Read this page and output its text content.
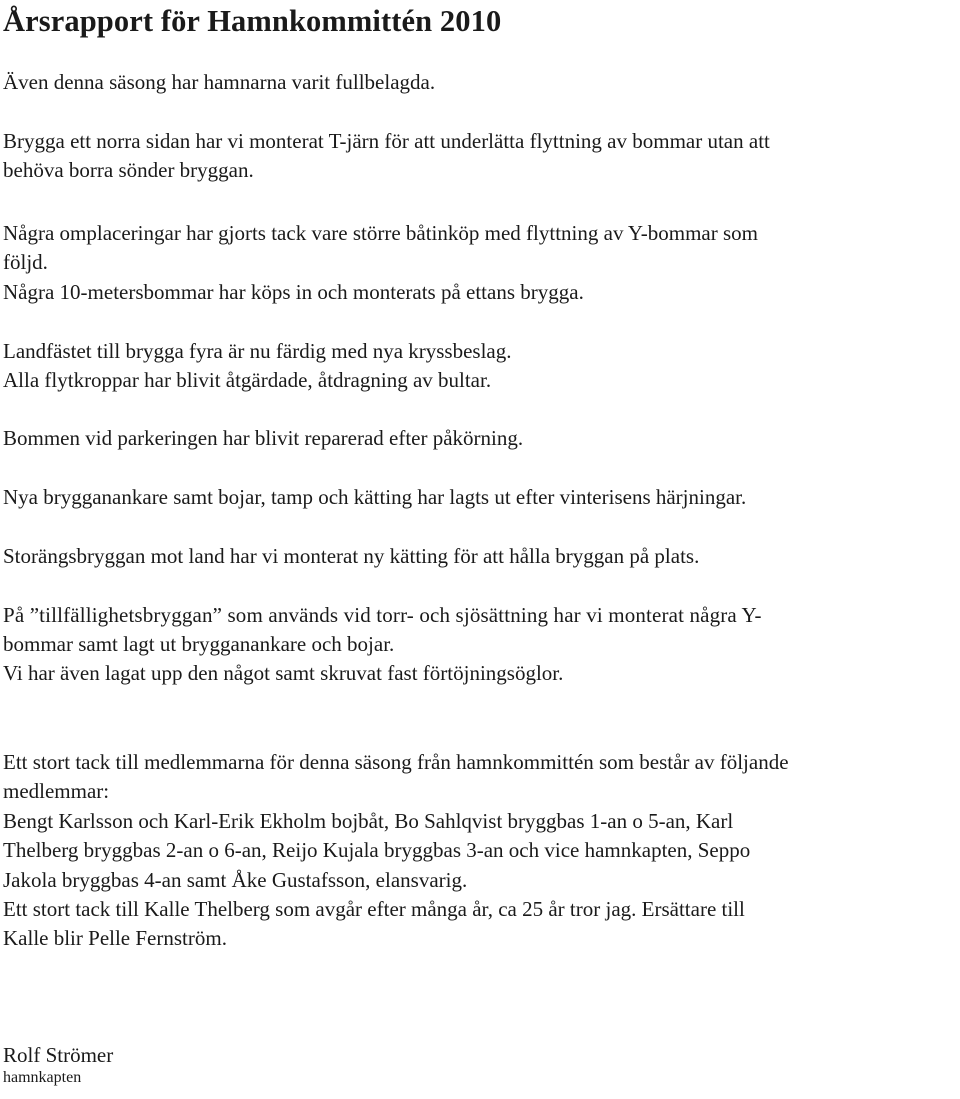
Årsrapport för Hamnkommittén 2010

Även denna säsong har hamnarna varit fullbelagda.

Brygga ett norra sidan har vi monterat T-järn för att underlätta flyttning av bommar utan att

behöva borra sönder bryggan.

Några omplaceringar har gjorts tack vare större båtinköp med flyttning av Y-bommar som

följd.

Några 10-metersbommar har köps in och monterats på ettans brygga.

Landfästet till brygga fyra är nu färdig med nya kryssbeslag.

Alla flytkroppar har blivit åtgärdade, åtdragning av bultar.

Bommen vid parkeringen har blivit reparerad efter påkörning.

Nya brygganankare samt bojar, tamp och kätting har lagts ut efter vinterisens härjningar.

Storängsbryggan mot land har vi monterat ny kätting för att hålla bryggan på plats.

På ”tillfällighetsbryggan” som används vid torr- och sjösättning har vi monterat några Y-

bommar samt lagt ut brygganankare och bojar.

Vi har även lagat upp den något samt skruvat fast förtöjningsöglor.

Ett stort tack till medlemmarna för denna säsong från hamnkommittén som består av följande

medlemmar:

Bengt Karlsson och Karl-Erik Ekholm bojbåt, Bo Sahlqvist bryggbas 1-an o 5-an, Karl

Thelberg bryggbas 2-an o 6-an, Reijo Kujala bryggbas 3-an och vice hamnkapten, Seppo

Jakola bryggbas 4-an samt Åke Gustafsson, elansvarig.

Ett stort tack till Kalle Thelberg som avgår efter många år, ca 25 år tror jag. Ersättare till

Kalle blir Pelle Fernström.

Rolf Strömer

hamnkapten
